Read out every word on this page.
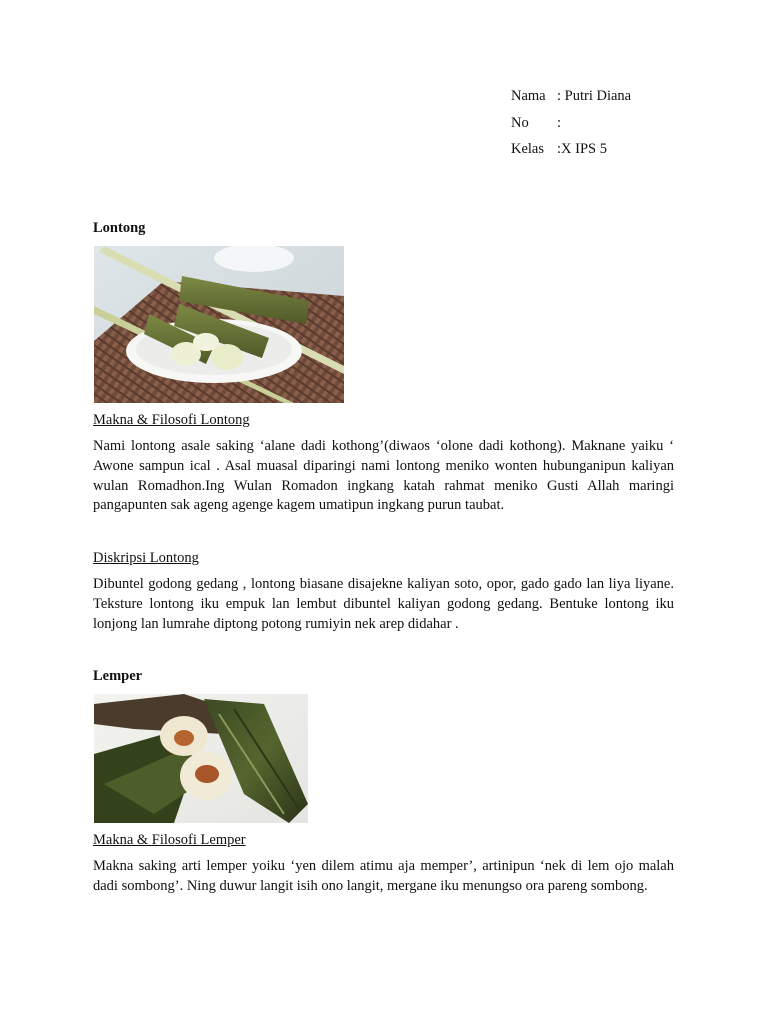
Nama : Putri Diana
No	:
Kelas :X IPS 5
Lontong
Makna & Filosofi Lontong

Nami lontong asale saking ‘alane dadi kothong’(diwaos ‘olone dadi kothong). Maknane yaiku ‘ Awone sampun ical . Asal muasal diparingi nami lontong meniko wonten hubunganipun kaliyan wulan Romadhon.Ing Wulan Romadon ingkang katah rahmat meniko Gusti Allah maringi pangapunten sak ageng agenge kagem umatipun ingkang purun taubat.

Diskripsi Lontong

Dibuntel godong gedang , lontong biasane disajekne kaliyan soto, opor, gado gado lan liya liyane. Teksture lontong iku empuk lan lembut dibuntel kaliyan godong gedang. Bentuke lontong iku lonjong lan lumrahe diptong potong rumiyin nek arep didahar .

Lemper
Makna & Filosofi Lemper

Makna saking arti lemper yoiku ‘yen dilem atimu aja memper’, artinipun ‘nek di lem ojo malah dadi sombong’. Ning duwur langit isih ono langit, mergane iku menungso ora pareng sombong.
